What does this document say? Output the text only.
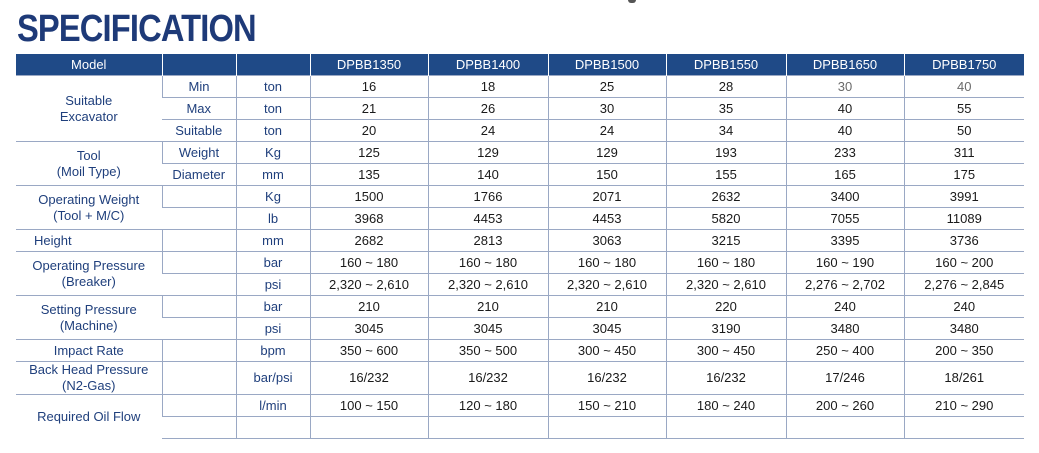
SPECIFICATION
Model			DPBB1350	DPBB1400	DPBB1500	DPBB1550	DPBB1650	DPBB1750

Suitable
Excavator	Min	ton	16	18	25	28	30	40
	Max	ton	21	26	30	35	40	55
	Suitable	ton	20	24	24	34	40	50

Tool
(Moil Type)	Weight	Kg	125	129	129	193	233	311
	Diameter	mm	135	140	150	155	165	175

Operating Weight
(Tool + M/C)		Kg	1500	1766	2071	2632	3400	3991
		lb	3968	4453	4453	5820	7055	11089
Height		mm	2682	2813	3063	3215	3395	3736

Operating Pressure
(Breaker)		bar	160 ~ 180	160 ~ 180	160 ~ 180	160 ~ 180	160 ~ 190	160 ~ 200
		psi	2,320 ~ 2,610	2,320 ~ 2,610	2,320 ~ 2,610	2,320 ~ 2,610	2,276 ~ 2,702	2,276 ~ 2,845

Setting Pressure
(Machine)		bar	210	210	210	220	240	240
		psi	3045	3045	3045	3190	3480	3480
Impact Rate		bpm	350 ~ 600	350 ~ 500	300 ~ 450	300 ~ 450	250 ~ 400	200 ~ 350

Back Head Pressure
(N2-Gas)		bar/psi	16/232	16/232	16/232	16/232	17/246	18/261
Required Oil Flow		l/min	100 ~ 150	120 ~ 180	150 ~ 210	180 ~ 240	200 ~ 260	210 ~ 290
